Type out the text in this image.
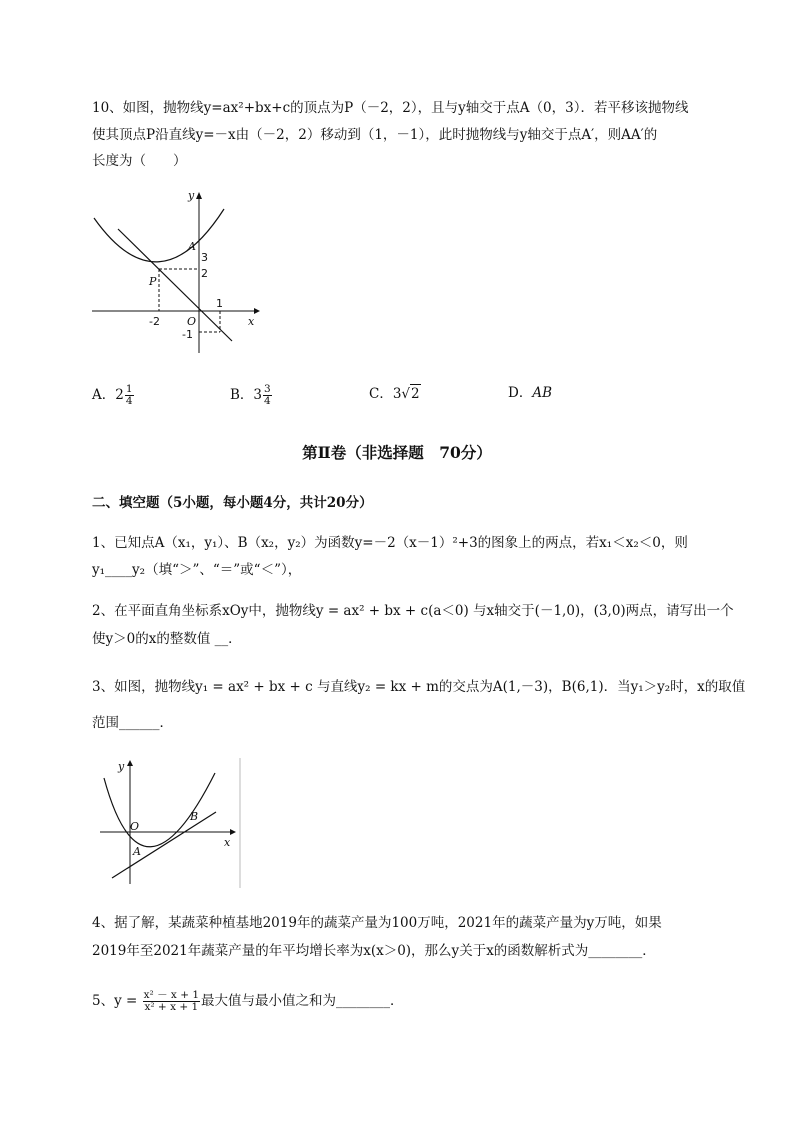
10、如图，抛物线y=ax²+bx+c的顶点为P（－2，2），且与y轴交于点A（0，3）．若平移该抛物线
使其顶点P沿直线y=－x由（－2，2）移动到（1，－1），此时抛物线与y轴交于点A′，则AA′的
长度为（　　）
y
x
A
P
O
3
2
-2
1
-1
A．$2 \frac{1}{4}$	B．$3 \frac{3}{4}$	C．3√2	D．AB
第Ⅱ卷（非选择题　70分）
二、填空题（5小题，每小题4分，共计20分）
1、已知点A（x₁，y₁）、B（x₂，y₂）为函数y=－2（x－1）²+3的图象上的两点，若x₁＜x₂＜0，则
y₁____y₂（填“＞”、“＝”或“＜”），
2、在平面直角坐标系xOy中，抛物线y = ax² + bx + c(a＜0) 与x轴交于(－1,0)，(3,0)两点，请写出一个
使y＞0的x的整数值 __．
3、如图，抛物线y₁ = ax² + bx + c 与直线y₂ = kx + m的交点为A(1,－3)，B(6,1)．当y₁＞y₂时，x的取值
范围______．
y
x
O
A
B
4、据了解，某蔬菜种植基地2019年的蔬菜产量为100万吨，2021年的蔬菜产量为y万吨，如果
2019年至2021年蔬菜产量的年平均增长率为x(x＞0)，那么y关于x的函数解析式为________．
5、$y = \frac{\text{x² － x + 1}}{\text{x² + x + 1}}$ 最大值与最小值之和为________．
